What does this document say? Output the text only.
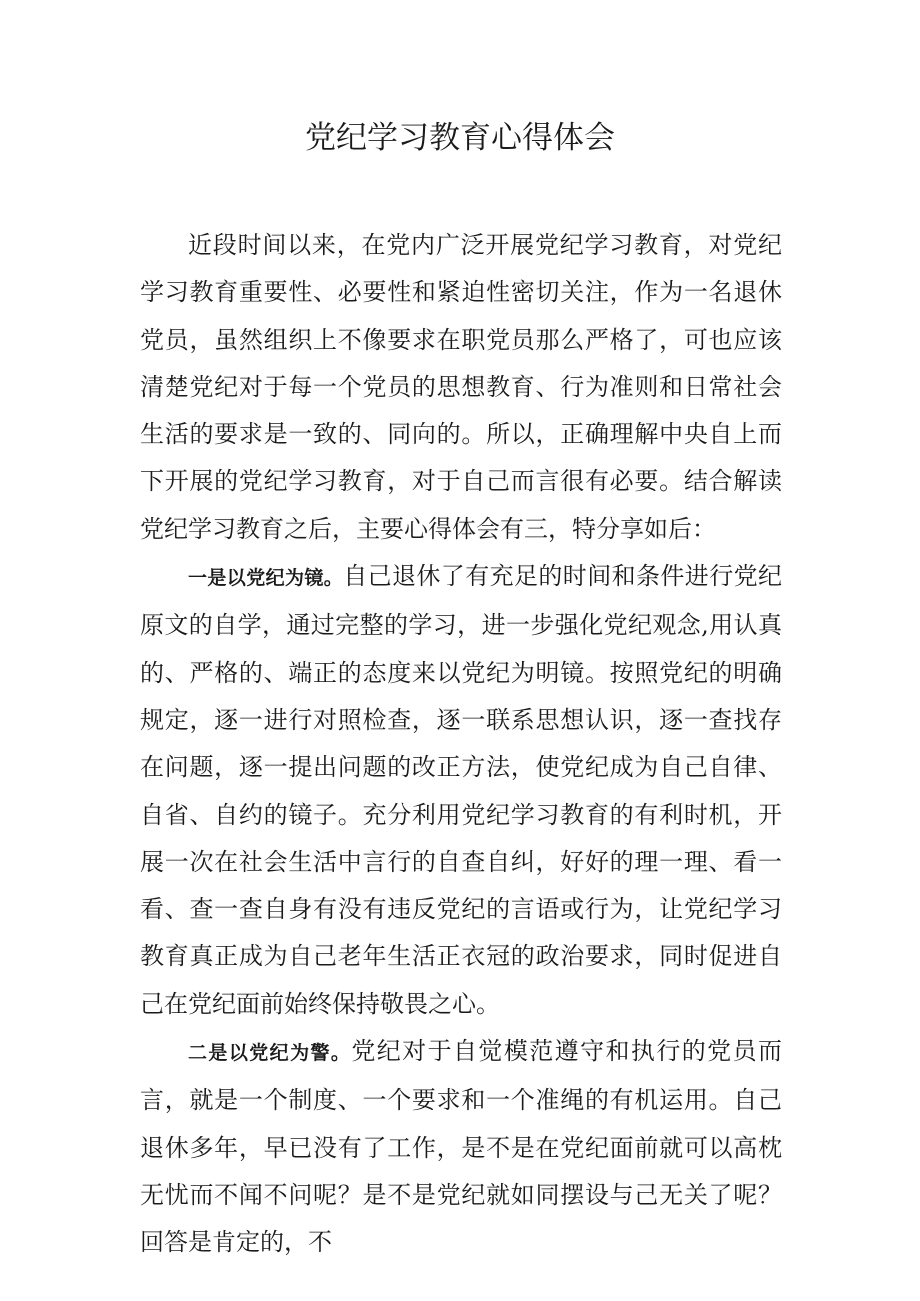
党纪学习教育心得体会

近段时间以来，在党内广泛开展党纪学习教育，对党纪学习教育重要性、必要性和紧迫性密切关注，作为一名退休党员，虽然组织上不像要求在职党员那么严格了，可也应该清楚党纪对于每一个党员的思想教育、行为准则和日常社会生活的要求是一致的、同向的。所以，正确理解中央自上而下开展的党纪学习教育，对于自己而言很有必要。结合解读党纪学习教育之后，主要心得体会有三，特分享如后：

一是以党纪为镜。自己退休了有充足的时间和条件进行党纪原文的自学，通过完整的学习，进一步强化党纪观念,用认真的、严格的、端正的态度来以党纪为明镜。按照党纪的明确规定，逐一进行对照检查，逐一联系思想认识，逐一查找存在问题，逐一提出问题的改正方法，使党纪成为自己自律、自省、自约的镜子。充分利用党纪学习教育的有利时机，开展一次在社会生活中言行的自查自纠，好好的理一理、看一看、查一查自身有没有违反党纪的言语或行为，让党纪学习教育真正成为自己老年生活正衣冠的政治要求，同时促进自己在党纪面前始终保持敬畏之心。

二是以党纪为警。党纪对于自觉模范遵守和执行的党员而言，就是一个制度、一个要求和一个准绳的有机运用。自己退休多年，早已没有了工作，是不是在党纪面前就可以高枕无忧而不闻不问呢？是不是党纪就如同摆设与己无关了呢？回答是肯定的，不
